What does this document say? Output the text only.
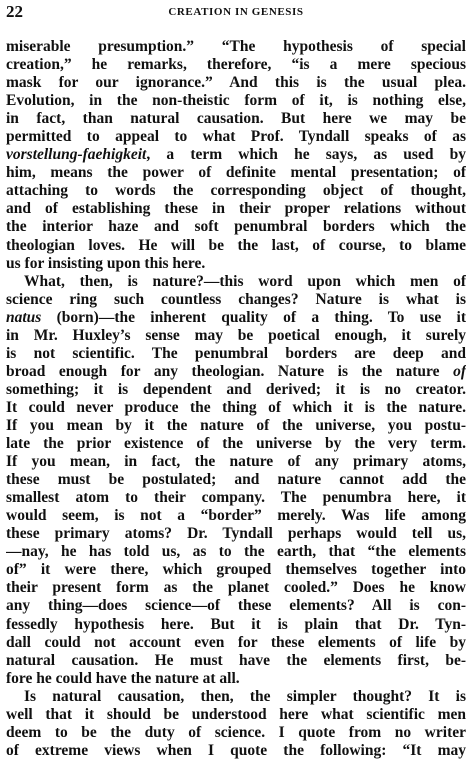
22	CREATION IN GENESIS
miserable presumption.” “The hypothesis of special
creation,” he remarks, therefore, “is a mere specious
mask for our ignorance.” And this is the usual plea.
Evolution, in the non-theistic form of it, is nothing else,
in fact, than natural causation. But here we may be
permitted to appeal to what Prof. Tyndall speaks of as
vorstellung-faehigkeit, a term which he says, as used by
him, means the power of definite mental presentation; of
attaching to words the corresponding object of thought,
and of establishing these in their proper relations without
the interior haze and soft penumbral borders which the
theologian loves. He will be the last, of course, to blame
us for insisting upon this here.
What, then, is nature?—this word upon which men of
science ring such countless changes? Nature is what is
natus (born)—the inherent quality of a thing. To use it
in Mr. Huxley’s sense may be poetical enough, it surely
is not scientific. The penumbral borders are deep and
broad enough for any theologian. Nature is the nature of
something; it is dependent and derived; it is no creator.
It could never produce the thing of which it is the nature.
If you mean by it the nature of the universe, you postu-
late the prior existence of the universe by the very term.
If you mean, in fact, the nature of any primary atoms,
these must be postulated; and nature cannot add the
smallest atom to their company. The penumbra here, it
would seem, is not a “border” merely. Was life among
these primary atoms? Dr. Tyndall perhaps would tell us,
—nay, he has told us, as to the earth, that “the elements
of” it were there, which grouped themselves together into
their present form as the planet cooled.” Does he know
any thing—does science—of these elements? All is con-
fessedly hypothesis here. But it is plain that Dr. Tyn-
dall could not account even for these elements of life by
natural causation. He must have the elements first, be-
fore he could have the nature at all.
Is natural causation, then, the simpler thought? It is
well that it should be understood here what scientific men
deem to be the duty of science. I quote from no writer
of extreme views when I quote the following: “It may
